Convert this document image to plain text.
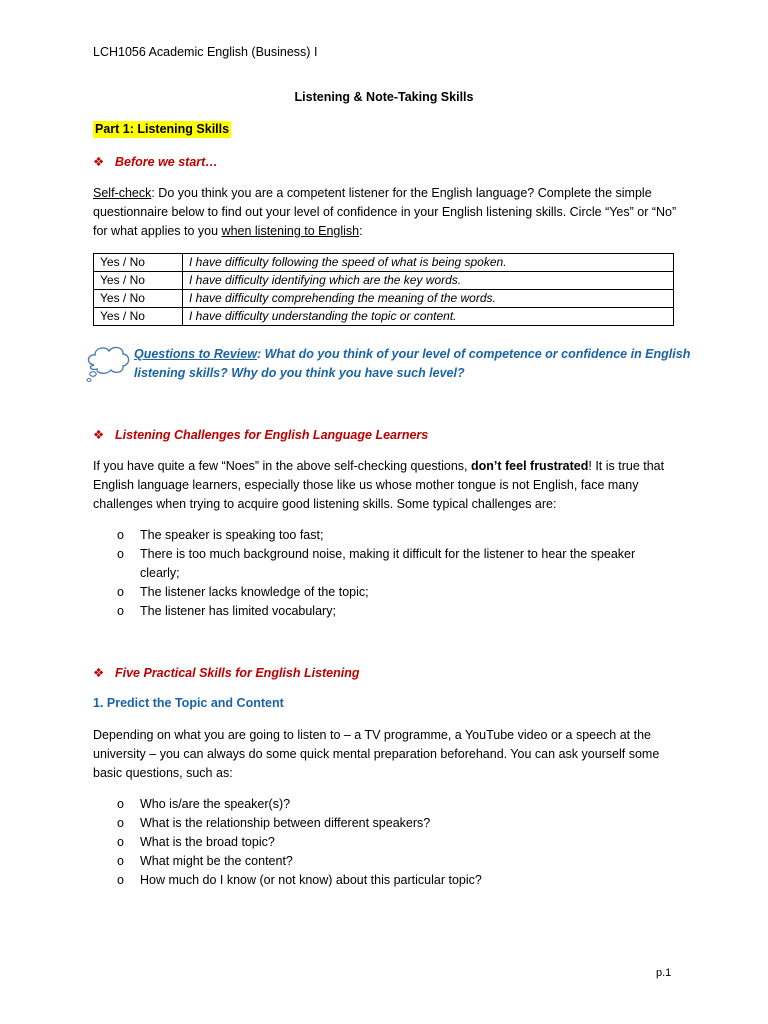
LCH1056 Academic English (Business) I
Listening & Note-Taking Skills
Part 1: Listening Skills
❖ Before we start…
Self-check: Do you think you are a competent listener for the English language? Complete the simple questionnaire below to find out your level of confidence in your English listening skills. Circle “Yes” or “No” for what applies to you when listening to English:
Yes / No	I have difficulty following the speed of what is being spoken.
Yes / No	I have difficulty identifying which are the key words.
Yes / No	I have difficulty comprehending the meaning of the words.
Yes / No	I have difficulty understanding the topic or content.
Questions to Review: What do you think of your level of competence or confidence in English listening skills? Why do you think you have such level?
❖ Listening Challenges for English Language Learners
If you have quite a few “Noes” in the above self-checking questions, don’t feel frustrated! It is true that English language learners, especially those like us whose mother tongue is not English, face many challenges when trying to acquire good listening skills. Some typical challenges are:
o The speaker is speaking too fast;
o There is too much background noise, making it difficult for the listener to hear the speaker clearly;
o The listener lacks knowledge of the topic;
o The listener has limited vocabulary;
❖ Five Practical Skills for English Listening
1. Predict the Topic and Content
Depending on what you are going to listen to – a TV programme, a YouTube video or a speech at the university – you can always do some quick mental preparation beforehand. You can ask yourself some basic questions, such as:
o Who is/are the speaker(s)?
o What is the relationship between different speakers?
o What is the broad topic?
o What might be the content?
o How much do I know (or not know) about this particular topic?
p.1
